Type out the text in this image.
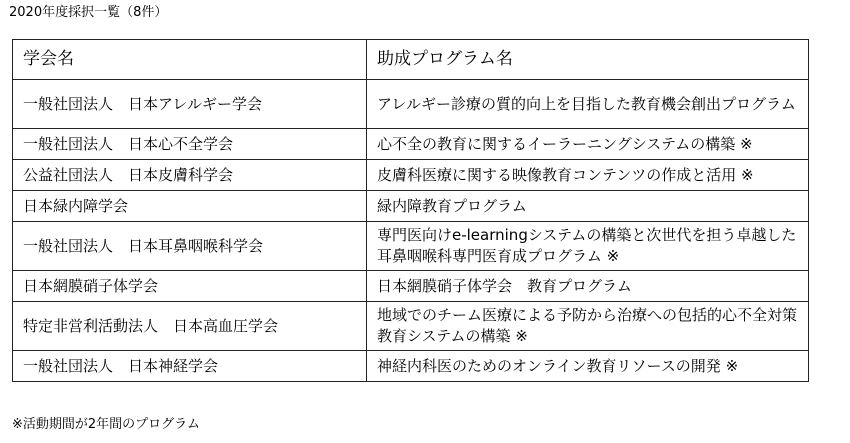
2020年度採択一覧（8件）
学会名	助成プログラム名
一般社団法人　日本アレルギー学会	アレルギー診療の質的向上を目指した教育機会創出プログラム
一般社団法人　日本心不全学会	心不全の教育に関するイーラーニングシステムの構築 ※
公益社団法人　日本皮膚科学会	皮膚科医療に関する映像教育コンテンツの作成と活用 ※
日本緑内障学会	緑内障教育プログラム
一般社団法人　日本耳鼻咽喉科学会	専門医向けe-learningシステムの構築と次世代を担う卓越した耳鼻咽喉科専門医育成プログラム ※
日本網膜硝子体学会	日本網膜硝子体学会　教育プログラム
特定非営利活動法人　日本高血圧学会	地域でのチーム医療による予防から治療への包括的心不全対策教育システムの構築 ※
一般社団法人　日本神経学会	神経内科医のためのオンライン教育リソースの開発 ※
※活動期間が2年間のプログラム
